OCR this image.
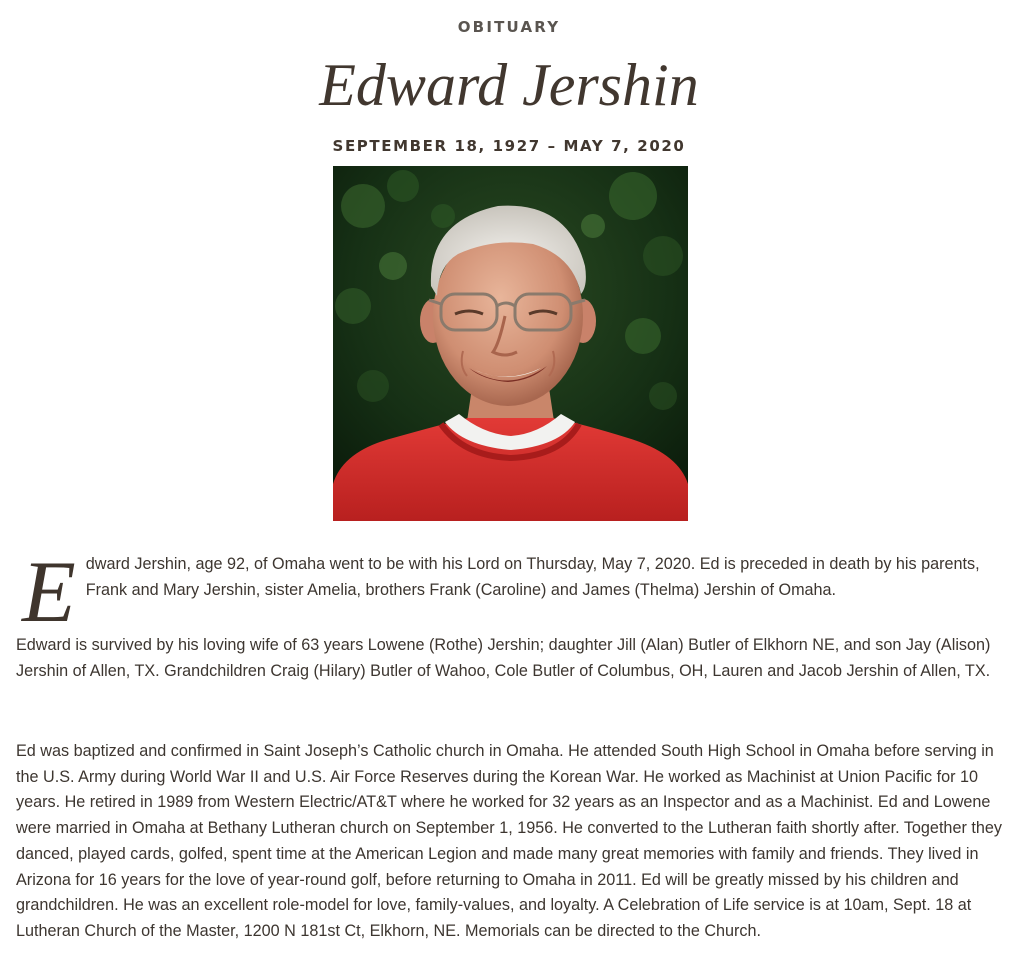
OBITUARY
Edward Jershin
SEPTEMBER 18, 1927 – MAY 7, 2020
E dward Jershin, age 92, of Omaha went to be with his Lord on Thursday, May 7, 2020. Ed is preceded in death by his parents, Frank and Mary Jershin, sister Amelia, brothers Frank (Caroline) and James (Thelma) Jershin of Omaha.
Edward is survived by his loving wife of 63 years Lowene (Rothe) Jershin; daughter Jill (Alan) Butler of Elkhorn NE, and son Jay (Alison) Jershin of Allen, TX. Grandchildren Craig (Hilary) Butler of Wahoo, Cole Butler of Columbus, OH, Lauren and Jacob Jershin of Allen, TX.
Ed was baptized and confirmed in Saint Joseph’s Catholic church in Omaha. He attended South High School in Omaha before serving in the U.S. Army during World War II and U.S. Air Force Reserves during the Korean War. He worked as Machinist at Union Pacific for 10 years. He retired in 1989 from Western Electric/AT&T where he worked for 32 years as an Inspector and as a Machinist. Ed and Lowene were married in Omaha at Bethany Lutheran church on September 1, 1956. He converted to the Lutheran faith shortly after. Together they danced, played cards, golfed, spent time at the American Legion and made many great memories with family and friends. They lived in Arizona for 16 years for the love of year-round golf, before returning to Omaha in 2011. Ed will be greatly missed by his children and grandchildren. He was an excellent role-model for love, family-values, and loyalty. A Celebration of Life service is at 10am, Sept. 18 at Lutheran Church of the Master, 1200 N 181st Ct, Elkhorn, NE. Memorials can be directed to the Church.
